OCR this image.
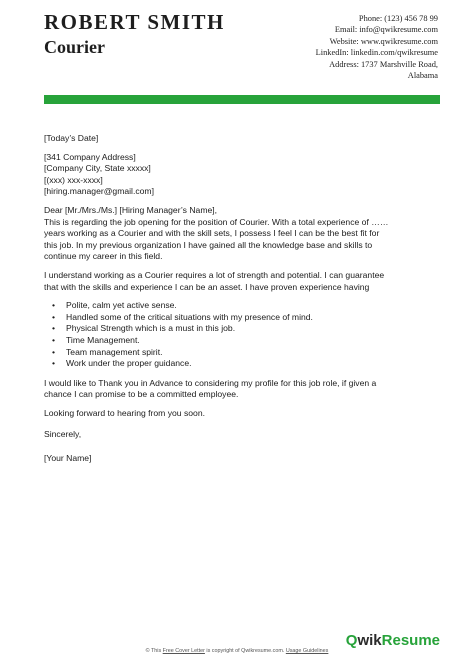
ROBERT SMITH
Courier
Phone: (123) 456 78 99
Email: info@qwikresume.com
Website: www.qwikresume.com
LinkedIn: linkedin.com/qwikresume
Address: 1737 Marshville Road,
Alabama
[Today’s Date]
[341 Company Address]
[Company City, State xxxxx]
[(xxx) xxx-xxxx]
[hiring.manager@gmail.com]
Dear [Mr./Mrs./Ms.] [Hiring Manager’s Name],

This is regarding the job opening for the position of Courier. With a total experience of ……
years working as a Courier and with the skill sets, I possess I feel I can be the best fit for
this job. In my previous organization I have gained all the knowledge base and skills to
continue my career in this field.

I understand working as a Courier requires a lot of strength and potential. I can guarantee
that with the skills and experience I can be an asset. I have proven experience having

• Polite, calm yet active sense.
• Handled some of the critical situations with my presence of mind.
• Physical Strength which is a must in this job.
• Time Management.
• Team management spirit.
• Work under the proper guidance.

I would like to Thank you in Advance to considering my profile for this job role, if given a
chance I can promise to be a committed employee.

Looking forward to hearing from you soon.

Sincerely,
[Your Name]
© This Free Cover Letter is copyright of Qwikresume.com. Usage Guidelines
Q wik Resume
